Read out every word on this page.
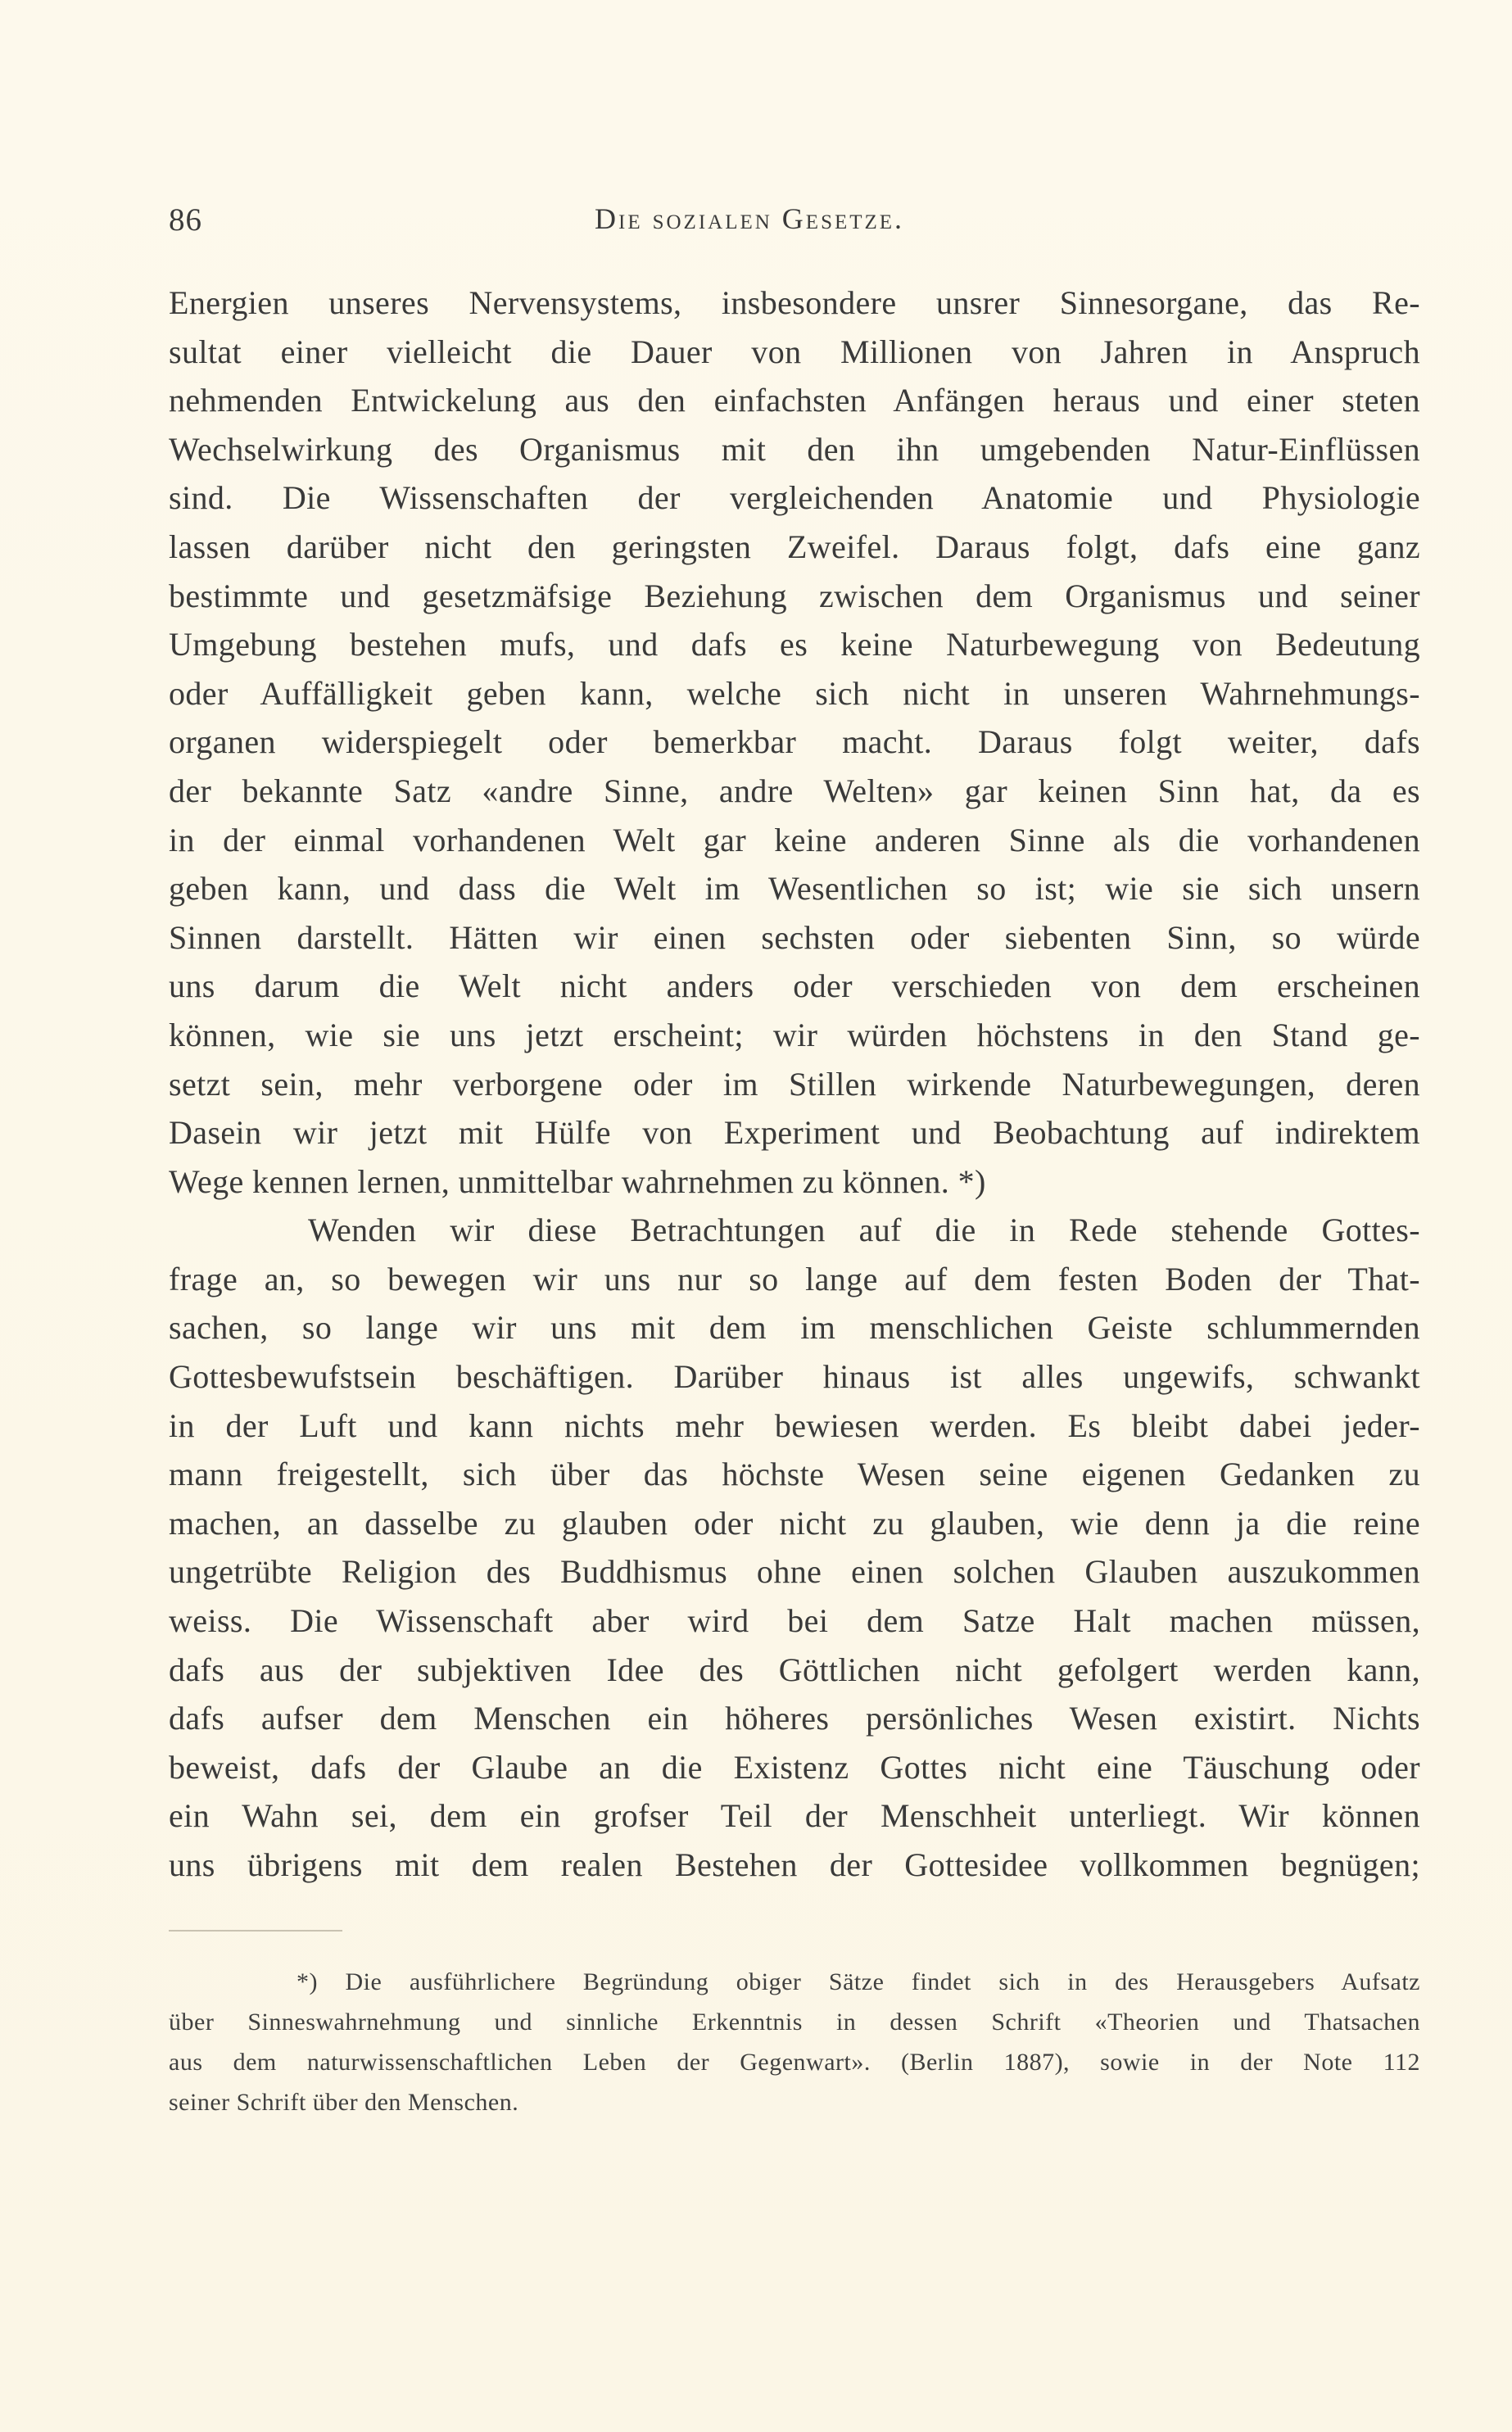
86	Die sozialen Gesetze.
Energien unseres Nervensystems, insbesondere unsrer Sinnesorgane, das Re-
sultat einer vielleicht die Dauer von Millionen von Jahren in Anspruch
nehmenden Entwickelung aus den einfachsten Anfängen heraus und einer steten
Wechselwirkung des Organismus mit den ihn umgebenden Natur-Einflüssen
sind. Die Wissenschaften der vergleichenden Anatomie und Physiologie
lassen darüber nicht den geringsten Zweifel. Daraus folgt, dafs eine ganz
bestimmte und gesetzmäfsige Beziehung zwischen dem Organismus und seiner
Umgebung bestehen mufs, und dafs es keine Naturbewegung von Bedeutung
oder Auffälligkeit geben kann, welche sich nicht in unseren Wahrnehmungs-
organen widerspiegelt oder bemerkbar macht. Daraus folgt weiter, dafs
der bekannte Satz «andre Sinne, andre Welten» gar keinen Sinn hat, da es
in der einmal vorhandenen Welt gar keine anderen Sinne als die vorhandenen
geben kann, und dass die Welt im Wesentlichen so ist; wie sie sich unsern
Sinnen darstellt. Hätten wir einen sechsten oder siebenten Sinn, so würde
uns darum die Welt nicht anders oder verschieden von dem erscheinen
können, wie sie uns jetzt erscheint; wir würden höchstens in den Stand ge-
setzt sein, mehr verborgene oder im Stillen wirkende Naturbewegungen, deren
Dasein wir jetzt mit Hülfe von Experiment und Beobachtung auf indirektem
Wege kennen lernen, unmittelbar wahrnehmen zu können. *)
Wenden wir diese Betrachtungen auf die in Rede stehende Gottes-
frage an, so bewegen wir uns nur so lange auf dem festen Boden der That-
sachen, so lange wir uns mit dem im menschlichen Geiste schlummernden
Gottesbewufstsein beschäftigen. Darüber hinaus ist alles ungewifs, schwankt
in der Luft und kann nichts mehr bewiesen werden. Es bleibt dabei jeder-
mann freigestellt, sich über das höchste Wesen seine eigenen Gedanken zu
machen, an dasselbe zu glauben oder nicht zu glauben, wie denn ja die reine
ungetrübte Religion des Buddhismus ohne einen solchen Glauben auszukommen
weiss. Die Wissenschaft aber wird bei dem Satze Halt machen müssen,
dafs aus der subjektiven Idee des Göttlichen nicht gefolgert werden kann,
dafs aufser dem Menschen ein höheres persönliches Wesen existirt. Nichts
beweist, dafs der Glaube an die Existenz Gottes nicht eine Täuschung oder
ein Wahn sei, dem ein grofser Teil der Menschheit unterliegt. Wir können
uns übrigens mit dem realen Bestehen der Gottesidee vollkommen begnügen;
*) Die ausführlichere Begründung obiger Sätze findet sich in des Herausgebers Aufsatz
über Sinneswahrnehmung und sinnliche Erkenntnis in dessen Schrift «Theorien und Thatsachen
aus dem naturwissenschaftlichen Leben der Gegenwart». (Berlin 1887), sowie in der Note 112
seiner Schrift über den Menschen.
